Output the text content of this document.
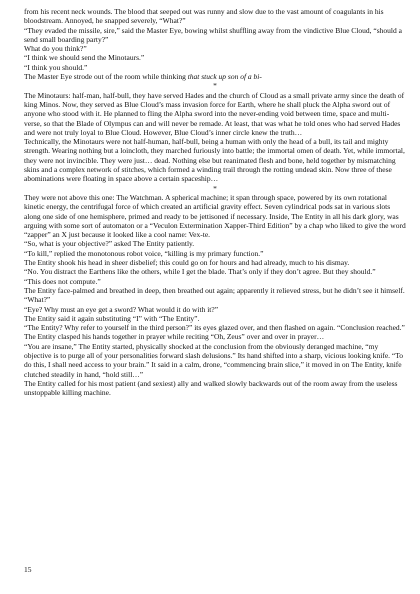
from his recent neck wounds. The blood that seeped out was runny and slow due to the vast amount of coagulants in his bloodstream. Annoyed, he snapped severely, “What?”

“They evaded the missile, sire,” said the Master Eye, bowing whilst shuffling away from the vindictive Blue Cloud, “should a send small boarding party?”

What do you think?”

“I think we should send the Minotaurs.”

“I think you should.”

The Master Eye strode out of the room while thinking that stuck up son of a bi-

*

The Minotaurs: half-man, half-bull, they have served Hades and the church of Cloud as a small private army since the death of king Minos. Now, they served as Blue Cloud’s mass invasion force for Earth, where he shall pluck the Alpha sword out of anyone who stood with it. He planned to fling the Alpha sword into the never-ending void between time, space and multi-verse, so that the Blade of Olympus can and will never be remade. At least, that was what he told ones who had served Hades and were not truly loyal to Blue Cloud. However, Blue Cloud’s inner circle knew the truth…

Technically, the Minotaurs were not half-human, half-bull, being a human with only the head of a bull, its tail and mighty strength. Wearing nothing but a loincloth, they marched furiously into battle; the immortal omen of death. Yet, while immortal, they were not invincible. They were just… dead. Nothing else but reanimated flesh and bone, held together by mismatching skins and a complex network of stitches, which formed a winding trail through the rotting undead skin. Now three of these abominations were floating in space above a certain spaceship…

*

They were not above this one: The Watchman. A spherical machine; it span through space, powered by its own rotational kinetic energy, the centrifugal force of which created an artificial gravity effect. Seven cylindrical pods sat in various slots along one side of one hemisphere, primed and ready to be jettisoned if necessary. Inside, The Entity in all his dark glory, was arguing with some sort of automaton or a “Veculon Extermination Xapper-Third Edition” by a chap who liked to give the word “zapper” an X just because it looked like a cool name: Vex-te.

“So, what is your objective?” asked The Entity patiently.

“To kill,” replied the monotonous robot voice, “killing is my primary function.”

The Entity shook his head in sheer disbelief; this could go on for hours and had already, much to his dismay.

“No. You distract the Earthens like the others, while I get the blade. That’s only if they don’t agree. But they should.”

“This does not compute.”

The Entity face-palmed and breathed in deep, then breathed out again; apparently it relieved stress, but he didn’t see it himself. “What?”

“Eye? Why must an eye get a sword? What would it do with it?”

The Entity said it again substituting “I” with “The Entity”.

“The Entity? Why refer to yourself in the third person?” its eyes glazed over, and then flashed on again. “Conclusion reached.”

The Entity clasped his hands together in prayer while reciting “Oh, Zeus” over and over in prayer…

“You are insane,” The Entity started, physically shocked at the conclusion from the obviously deranged machine, “my objective is to purge all of your personalities forward slash delusions.” Its hand shifted into a sharp, vicious looking knife. “To do this, I shall need access to your brain.” It said in a calm, drone, “commencing brain slice,” it moved in on The Entity, knife clutched steadily in hand, “hold still…”

The Entity called for his most patient (and sexiest) ally and walked slowly backwards out of the room away from the useless unstoppable killing machine.

15
